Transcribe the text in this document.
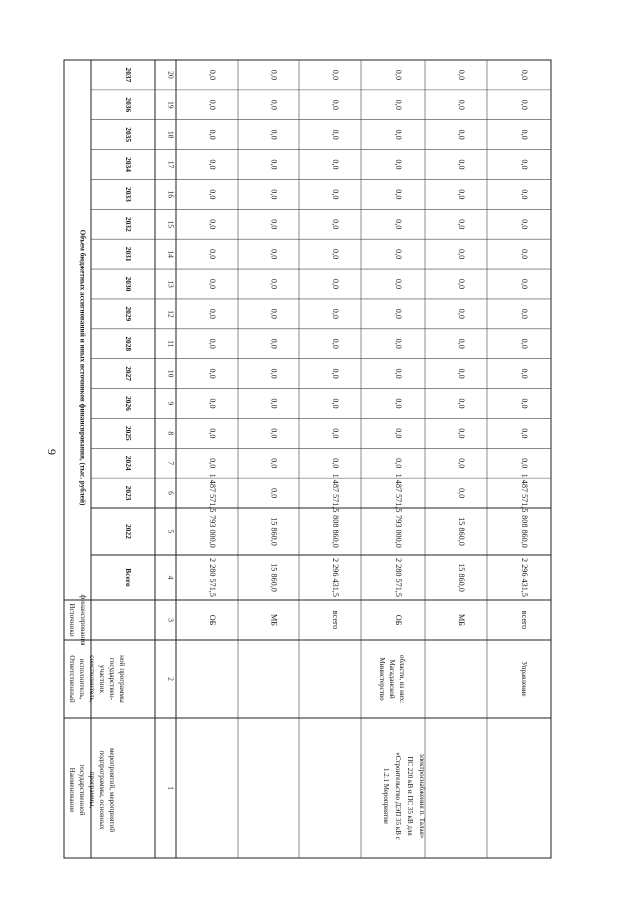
9
Наименование государственной программы, подпрограммы, основных мероприятий, мероприятий
Ответственный исполнитель, соисполнитель, участник государствен- ной программы
Источники финансирования
Объем бюджетных ассигнований и иных источников финансирования, (тыс. рублей)
Всего
2022
2023
2024
2025
2026
2027
2028
2029
2030
2031
2032
2033
2034
2035
2036
2037
1
2
3
4
5
6
7
8
9
10
11
12
13
14
15
16
17
18
19
20
1.2.1 Мероприятие «Строительство ДЭП 35 кВ с ПС 220 кВ и ПС 35 кВ для электроснабжения п. Талая»
Министерство Магаданской области, из них:	Управление
ОБ
2 280 571,5
793 000,0
1 487 571,5
0,0
0,0
0,0
0,0
0,0
0,0
0,0
0,0
0,0
0,0
0,0
0,0
0,0
0,0
МБ
15 860,0
15 860,0
0,0
0,0
0,0
0,0
0,0
0,0
0,0
0,0
0,0
0,0
0,0
0,0
0,0
0,0
0,0
всего
2 296 431,5
808 860,0
1 487 571,5
0,0
0,0
0,0
0,0
0,0
0,0
0,0
0,0
0,0
0,0
0,0
0,0
0,0
0,0
ОБ
2 280 571,5
793 000,0
1 487 571,5
0,0
0,0
0,0
0,0
0,0
0,0
0,0
0,0
0,0
0,0
0,0
0,0
0,0
0,0
МБ
15 860,0
15 860,0
0,0
0,0
0,0
0,0
0,0
0,0
0,0
0,0
0,0
0,0
0,0
0,0
0,0
0,0
0,0
всего
2 296 431,5
808 860,0
1 487 571,5
0,0
0,0
0,0
0,0
0,0
0,0
0,0
0,0
0,0
0,0
0,0
0,0
0,0
0,0
